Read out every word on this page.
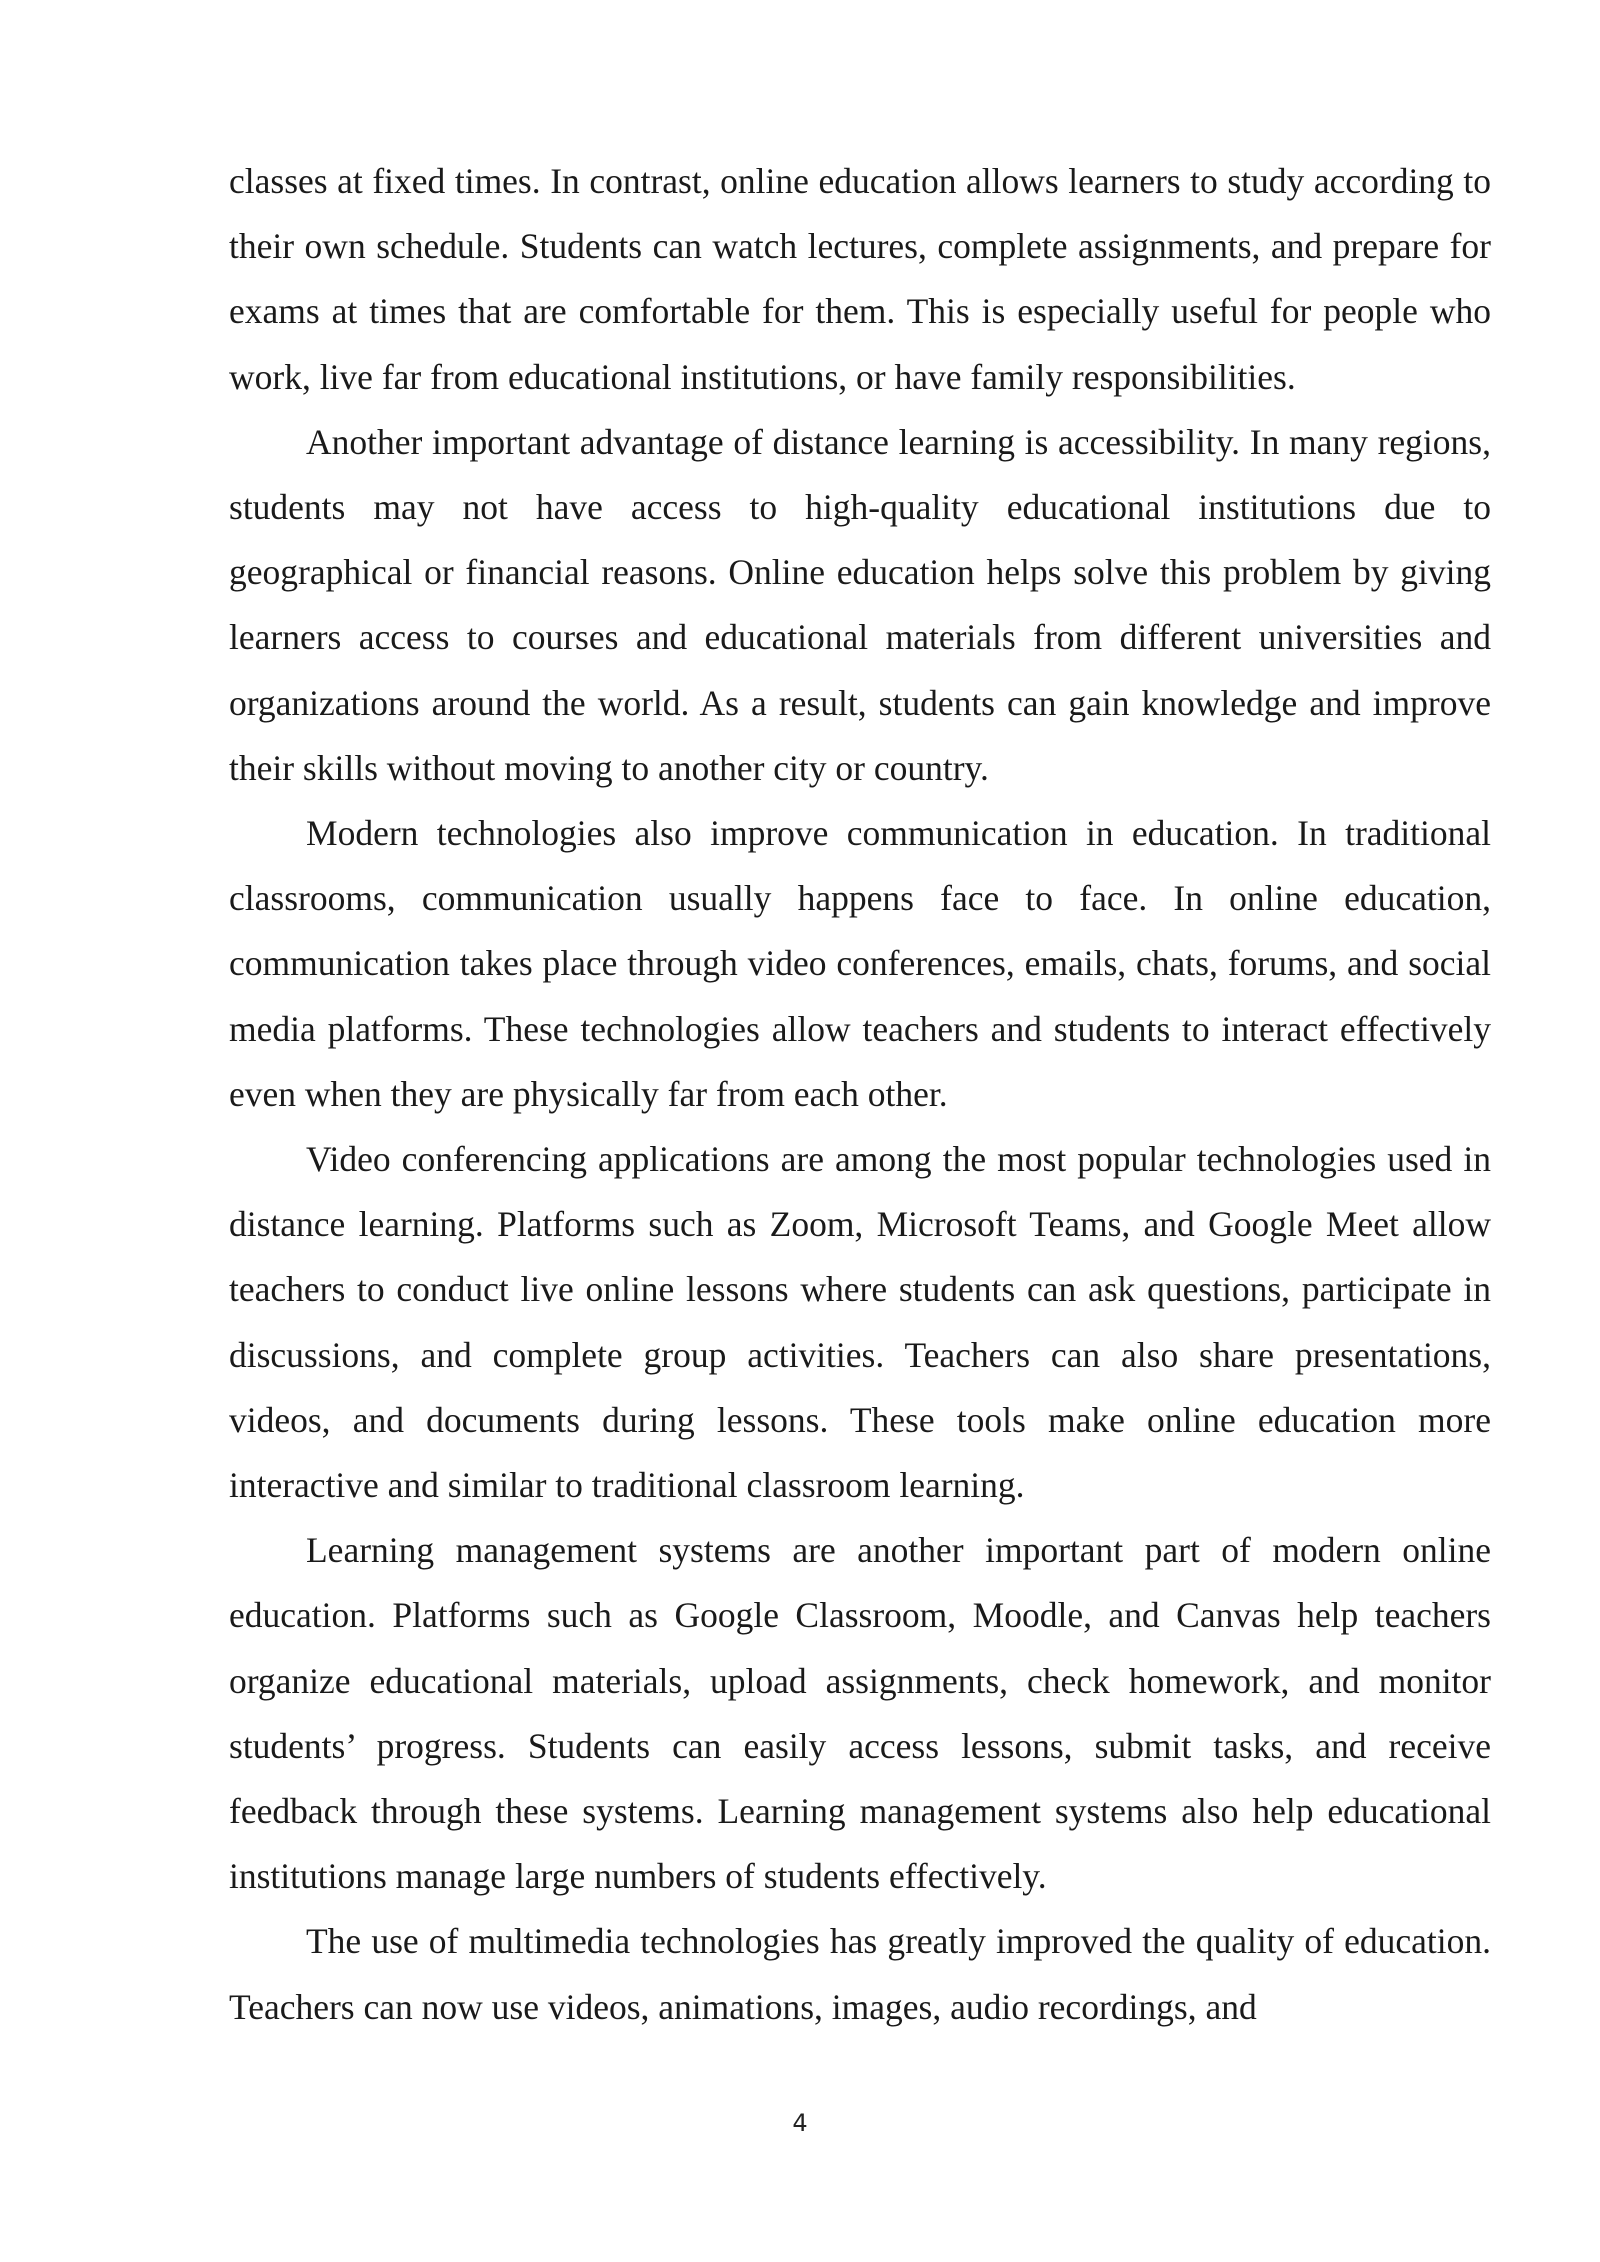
classes at fixed times. In contrast, online education allows learners to study according to their own schedule. Students can watch lectures, complete assignments, and prepare for exams at times that are comfortable for them. This is especially useful for people who work, live far from educational institutions, or have family responsibilities.

Another important advantage of distance learning is accessibility. In many regions, students may not have access to high-quality educational institutions due to geographical or financial reasons. Online education helps solve this problem by giving learners access to courses and educational materials from different universities and organizations around the world. As a result, students can gain knowledge and improve their skills without moving to another city or country.

Modern technologies also improve communication in education. In traditional classrooms, communication usually happens face to face. In online education, communication takes place through video conferences, emails, chats, forums, and social media platforms. These technologies allow teachers and students to interact effectively even when they are physically far from each other.

Video conferencing applications are among the most popular technologies used in distance learning. Platforms such as Zoom, Microsoft Teams, and Google Meet allow teachers to conduct live online lessons where students can ask questions, participate in discussions, and complete group activities. Teachers can also share presentations, videos, and documents during lessons. These tools make online education more interactive and similar to traditional classroom learning.

Learning management systems are another important part of modern online education. Platforms such as Google Classroom, Moodle, and Canvas help teachers organize educational materials, upload assignments, check homework, and monitor students’ progress. Students can easily access lessons, submit tasks, and receive feedback through these systems. Learning management systems also help educational institutions manage large numbers of students effectively.

The use of multimedia technologies has greatly improved the quality of education. Teachers can now use videos, animations, images, audio recordings, and

4
